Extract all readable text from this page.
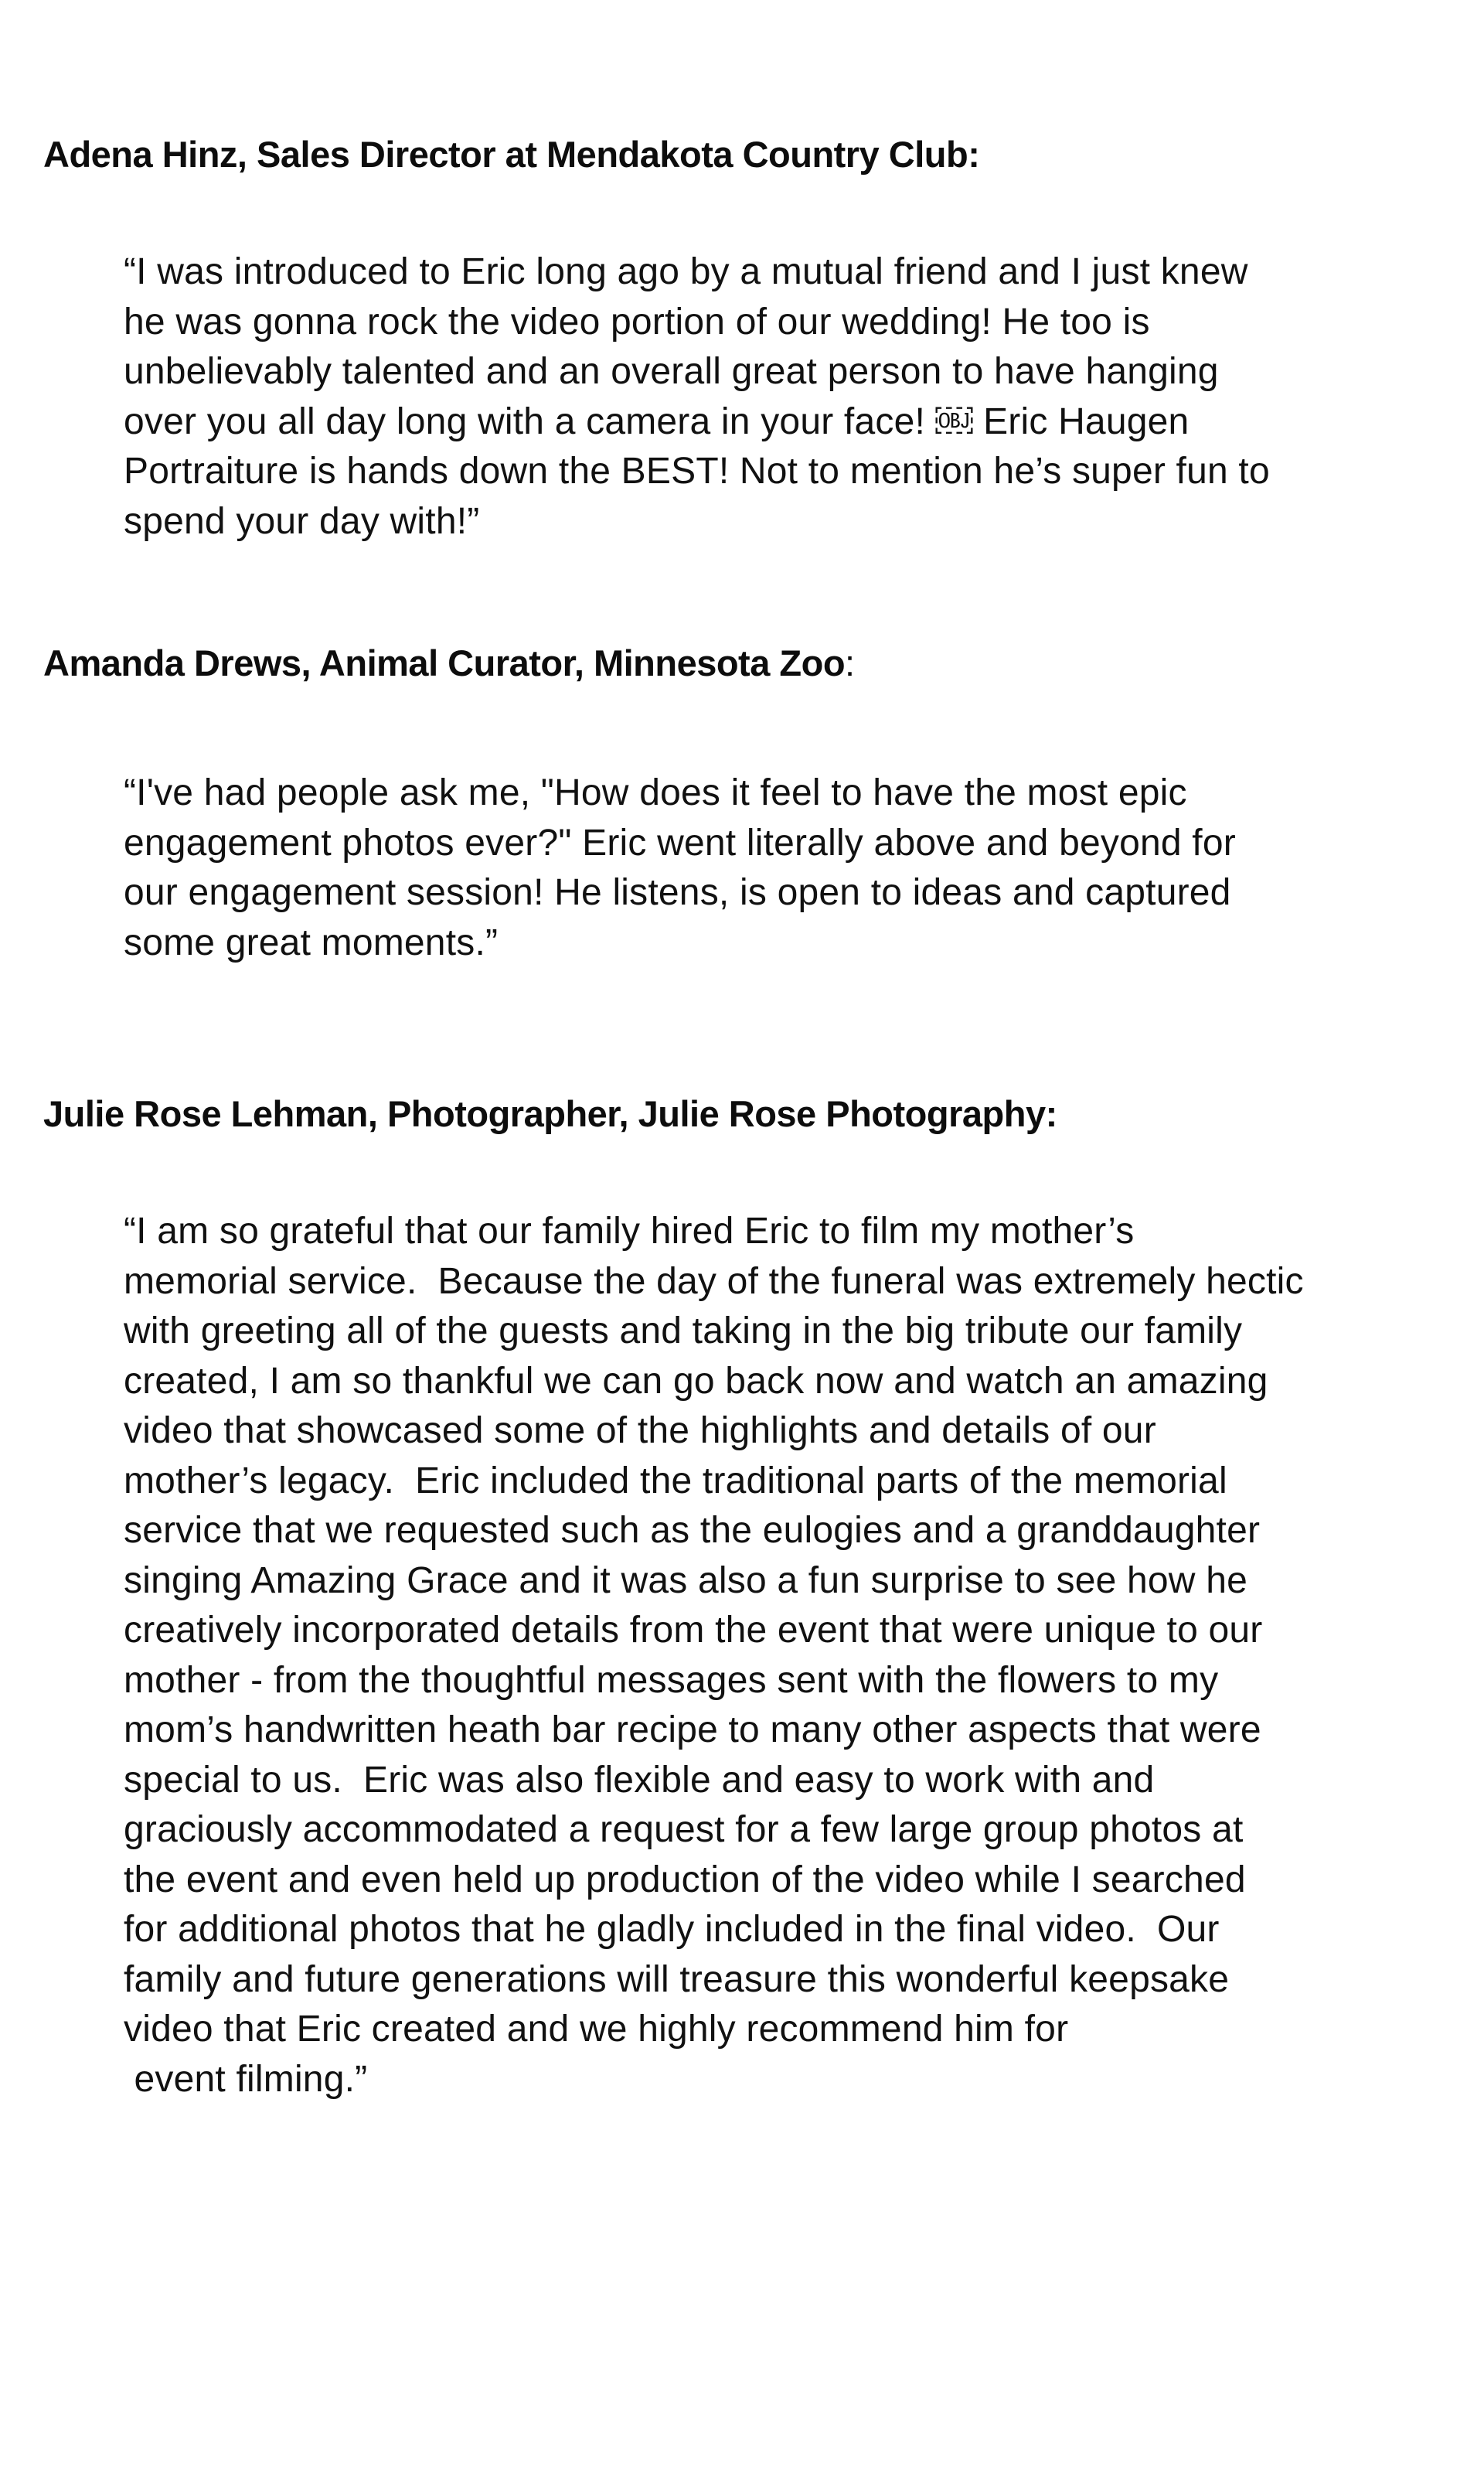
Adena Hinz, Sales Director at Mendakota Country Club:
“I was introduced to Eric long ago by a mutual friend and I just knew
he was gonna rock the video portion of our wedding! He too is
unbelievably talented and an overall great person to have hanging
over you all day long with a camera in your face! ￼ Eric Haugen
Portraiture is hands down the BEST! Not to mention he’s super fun to
spend your day with!”
Amanda Drews, Animal Curator, Minnesota Zoo:
“I've had people ask me, "How does it feel to have the most epic
engagement photos ever?" Eric went literally above and beyond for
our engagement session! He listens, is open to ideas and captured
some great moments.”
Julie Rose Lehman, Photographer, Julie Rose Photography:
“I am so grateful that our family hired Eric to film my mother’s
memorial service.  Because the day of the funeral was extremely hectic
with greeting all of the guests and taking in the big tribute our family
created, I am so thankful we can go back now and watch an amazing
video that showcased some of the highlights and details of our
mother’s legacy.  Eric included the traditional parts of the memorial
service that we requested such as the eulogies and a granddaughter
singing Amazing Grace and it was also a fun surprise to see how he
creatively incorporated details from the event that were unique to our
mother - from the thoughtful messages sent with the flowers to my
mom’s handwritten heath bar recipe to many other aspects that were
special to us.  Eric was also flexible and easy to work with and
graciously accommodated a request for a few large group photos at
the event and even held up production of the video while I searched
for additional photos that he gladly included in the final video.  Our
family and future generations will treasure this wonderful keepsake
video that Eric created and we highly recommend him for
event filming.”
